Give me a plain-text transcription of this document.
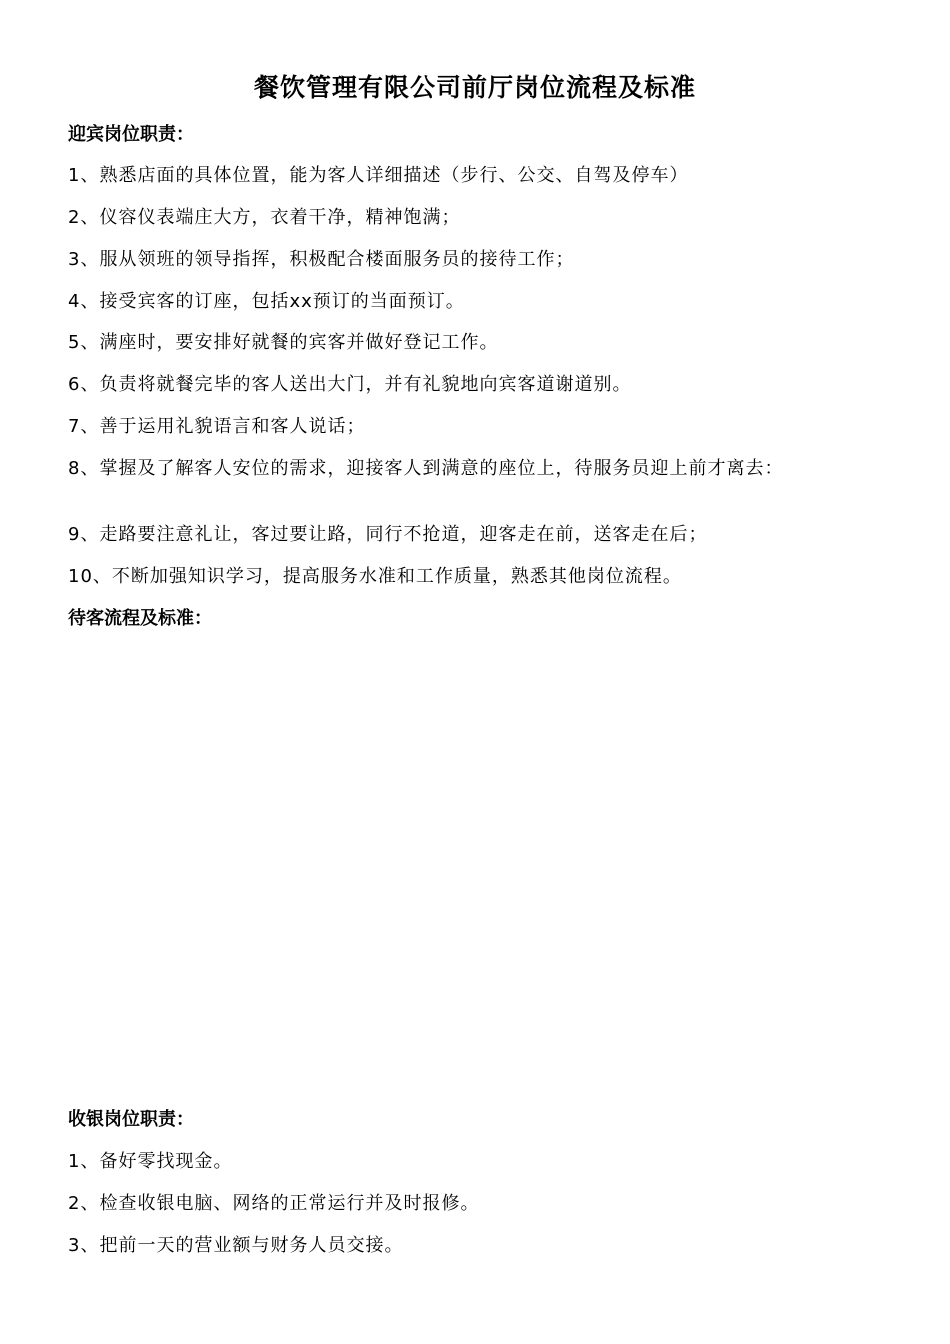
餐饮管理有限公司前厅岗位流程及标准
迎宾岗位职责：
1、熟悉店面的具体位置，能为客人详细描述（步行、公交、自驾及停车）
2、仪容仪表端庄大方，衣着干净，精神饱满；
3、服从领班的领导指挥，积极配合楼面服务员的接待工作；
4、接受宾客的订座，包括xx预订的当面预订。
5、满座时，要安排好就餐的宾客并做好登记工作。
6、负责将就餐完毕的客人送出大门，并有礼貌地向宾客道谢道别。
7、善于运用礼貌语言和客人说话；
8、掌握及了解客人安位的需求，迎接客人到满意的座位上，待服务员迎上前才离去：
9、走路要注意礼让，客过要让路，同行不抢道，迎客走在前，送客走在后；
10、不断加强知识学习，提高服务水准和工作质量，熟悉其他岗位流程。
待客流程及标准：
收银岗位职责：
1、备好零找现金。
2、检查收银电脑、网络的正常运行并及时报修。
3、把前一天的营业额与财务人员交接。
